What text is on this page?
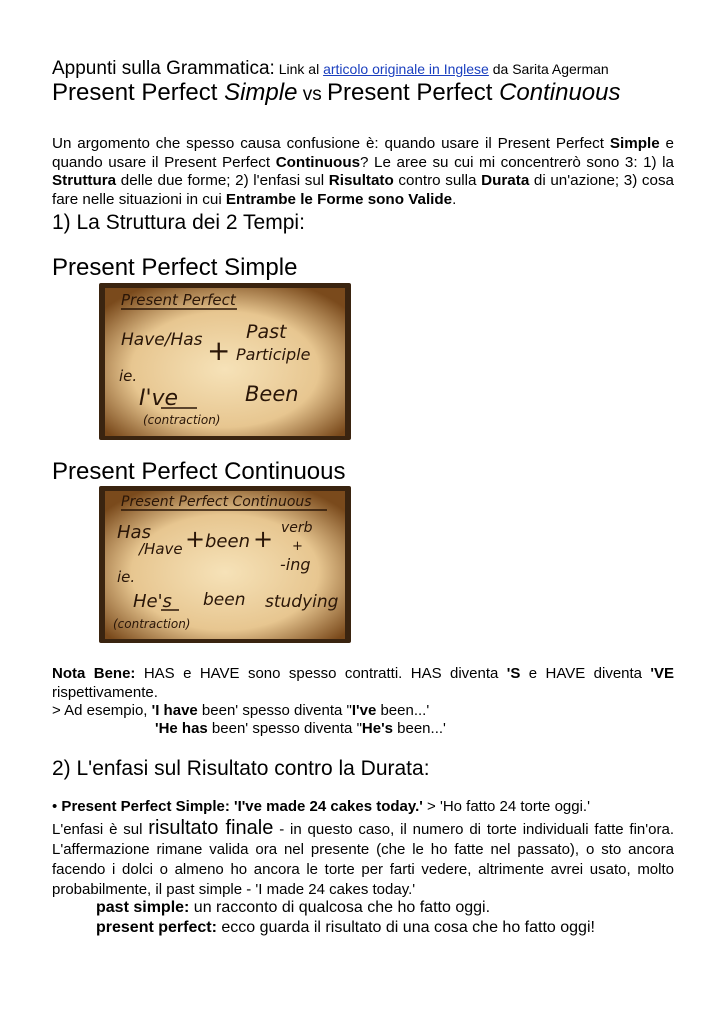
Appunti sulla Grammatica: Link al articolo originale in Inglese da Sarita Agerman
Present Perfect Simple vs Present Perfect Continuous
Un argomento che spesso causa confusione è: quando usare il Present Perfect Simple e quando usare il Present Perfect Continuous? Le aree su cui mi concentrerò sono 3: 1) la Struttura delle due forme; 2) l'enfasi sul Risultato contro sulla Durata di un'azione; 3) cosa fare nelle situazioni in cui Entrambe le Forme sono Valide.
1) La Struttura dei 2 Tempi:
Present Perfect Simple
Present Perfect
Have/Has +
Past
Participle
ie.
I've	Been
(contraction)
Present Perfect Continuous
Present Perfect Continuous
Has
/Have + been + verb
+
-ing
ie.
He's been studying
(contraction)
Nota Bene: HAS e HAVE sono spesso contratti. HAS diventa 'S e HAVE diventa 'VE rispettivamente.
> Ad esempio, 'I have been' spesso diventa "I've been...'
'He has been' spesso diventa "He's been...'
2) L'enfasi sul Risultato contro la Durata:
• Present Perfect Simple: 'I've made 24 cakes today.' > 'Ho fatto 24 torte oggi.'
L'enfasi è sul risultato finale - in questo caso, il numero di torte individuali fatte fin'ora. L'affermazione rimane valida ora nel presente (che le ho fatte nel passato), o sto ancora facendo i dolci o almeno ho ancora le torte per farti vedere, altrimente avrei usato, molto probabilmente, il past simple - 'I made 24 cakes today.'
past simple: un racconto di qualcosa che ho fatto oggi.
present perfect: ecco guarda il risultato di una cosa che ho fatto oggi!
